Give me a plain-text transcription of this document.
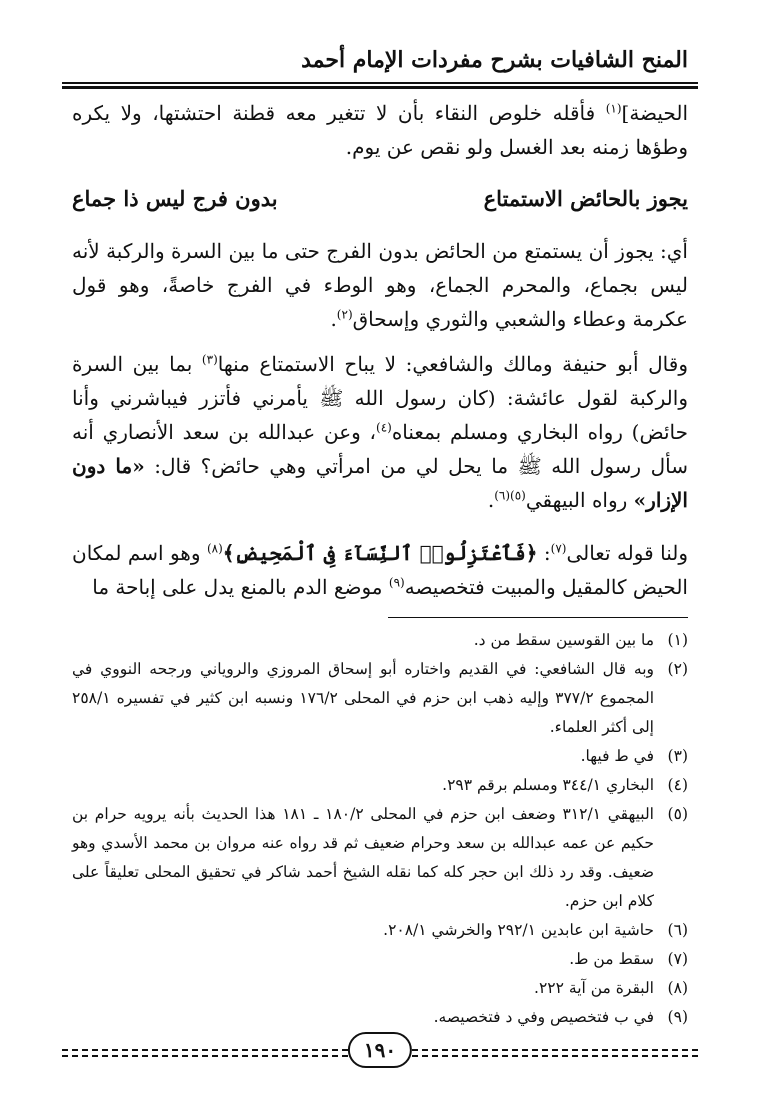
المنح الشافيات بشرح مفردات الإمام أحمد
الحيضة]$^{(١)}$ فأقله خلوص النقاء بأن لا تتغير معه قطنة احتشتها، ولا يكره وطؤها زمنه بعد الغسل ولو نقص عن يوم.
يجوز بالحائض الاستمتاع
بدون فرج ليس ذا جماع
أي: يجوز أن يستمتع من الحائض بدون الفرج حتى ما بين السرة والركبة لأنه ليس بجماع، والمحرم الجماع، وهو الوطء في الفرج خاصةً، وهو قول عكرمة وعطاء والشعبي والثوري وإسحاق$^{(٢)}$.
وقال أبو حنيفة ومالك والشافعي: لا يباح الاستمتاع منها$^{(٣)}$ بما بين السرة والركبة لقول عائشة: (كان رسول الله ﷺ يأمرني فأتزر فيباشرني وأنا حائض) رواه البخاري ومسلم بمعناه$^{(٤)}$، وعن عبدالله بن سعد الأنصاري أنه سأل رسول الله ﷺ ما يحل لي من امرأتي وهي حائض؟ قال: «ما دون الإزار» رواه البيهقي$^{(٥)(٦)}$.
ولنا قوله تعالى$^{(٧)}$: ﴿فَٱعْتَزِلُوا۟ ٱلنِّسَآءَ فِى ٱلْمَحِيضِ﴾$^{(٨)}$ وهو اسم لمكان الحيض كالمقيل والمبيت فتخصيصه$^{(٩)}$ موضع الدم بالمنع يدل على إباحة ما
(١)
ما بين القوسين سقط من د.
(٢)
وبه قال الشافعي: في القديم واختاره أبو إسحاق المروزي والروياني ورجحه النووي في المجموع ٣٧٧/٢ وإليه ذهب ابن حزم في المحلى ١٧٦/٢ ونسبه ابن كثير في تفسيره ٢٥٨/١ إلى أكثر العلماء.
(٣)
في ط فيها.
(٤)
البخاري ٣٤٤/١ ومسلم برقم ٢٩٣.
(٥)
البيهقي ٣١٢/١ وضعف ابن حزم في المحلى ١٨٠/٢ ـ ١٨١ هذا الحديث بأنه يرويه حرام بن حكيم عن عمه عبدالله بن سعد وحرام ضعيف ثم قد رواه عنه مروان بن محمد الأسدي وهو ضعيف. وقد رد ذلك ابن حجر كله كما نقله الشيخ أحمد شاكر في تحقيق المحلى تعليقاً على كلام ابن حزم.
(٦)
حاشية ابن عابدين ٢٩٢/١ والخرشي ٢٠٨/١.
(٧)
سقط من ط.
(٨)
البقرة من آية ٢٢٢.
(٩)
في ب فتخصيص وفي د فتخصيصه.
١٩٠
